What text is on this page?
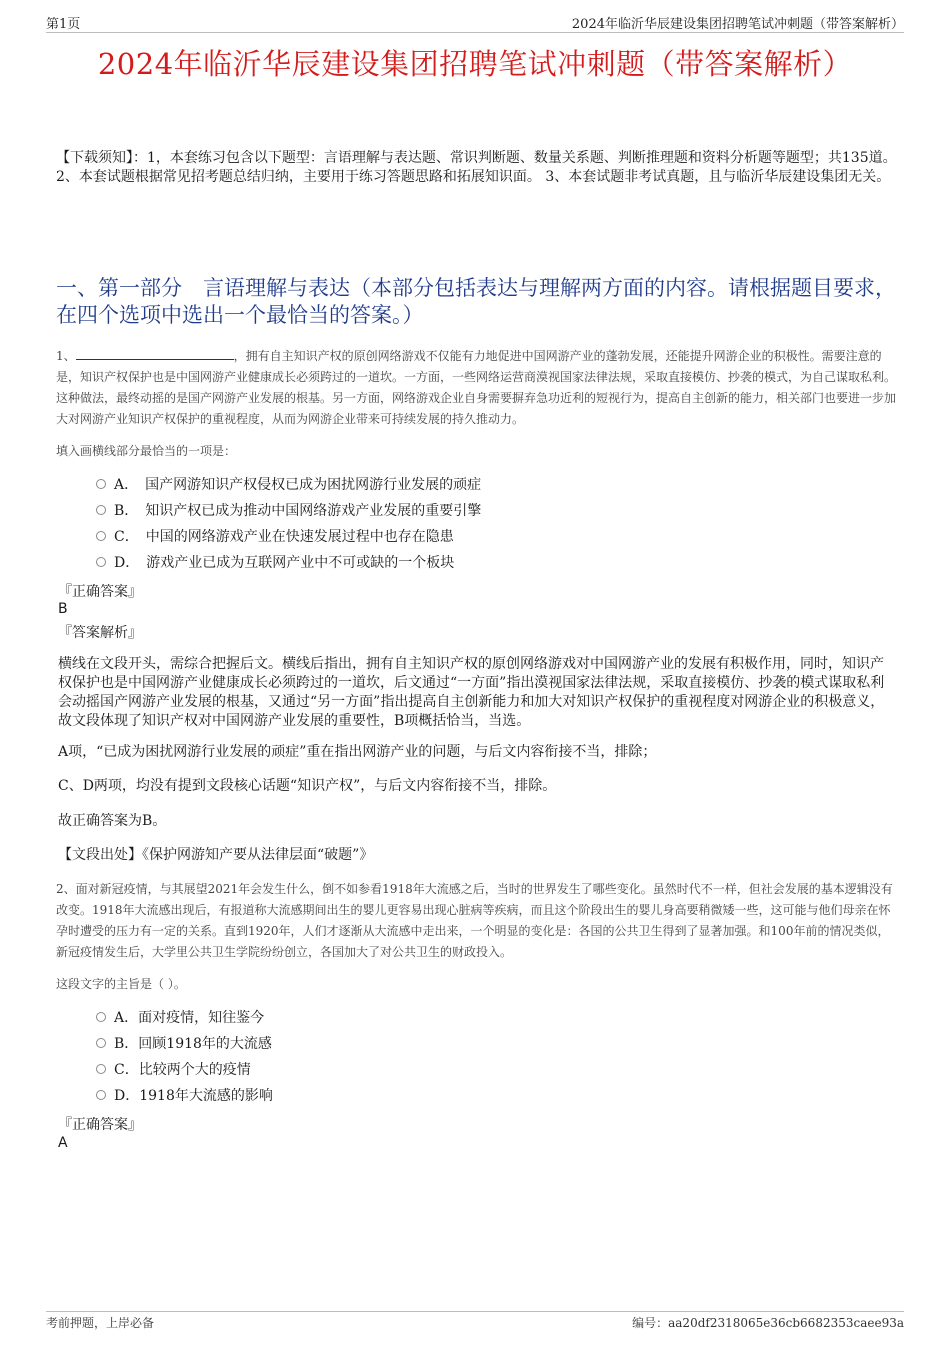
第1页	2024年临沂华辰建设集团招聘笔试冲刺题（带答案解析）
2024年临沂华辰建设集团招聘笔试冲刺题（带答案解析）
【下载须知】：1，本套练习包含以下题型：言语理解与表达题、常识判断题、数量关系题、判断推理题和资料分析题等题型；共135道。 2、本套试题根据常见招考题总结归纳，主要用于练习答题思路和拓展知识面。 3、本套试题非考试真题，且与临沂华辰建设集团无关。
一、第一部分　言语理解与表达（本部分包括表达与理解两方面的内容。请根据题目要求，在四个选项中选出一个最恰当的答案。）
1、	，拥有自主知识产权的原创网络游戏不仅能有力地促进中国网游产业的蓬勃发展，还能提升网游企业的积极性。需要注意的是，知识产权保护也是中国网游产业健康成长必须跨过的一道坎。一方面，一些网络运营商漠视国家法律法规，采取直接模仿、抄袭的模式，为自己谋取私利。这种做法，最终动摇的是国产网游产业发展的根基。另一方面，网络游戏企业自身需要摒弃急功近利的短视行为，提高自主创新的能力，相关部门也要进一步加大对网游产业知识产权保护的重视程度，从而为网游企业带来可持续发展的持久推动力。
填入画横线部分最恰当的一项是：
A．　国产网游知识产权侵权已成为困扰网游行业发展的顽症
B．　知识产权已成为推动中国网络游戏产业发展的重要引擎
C．　中国的网络游戏产业在快速发展过程中也存在隐患
D．　游戏产业已成为互联网产业中不可或缺的一个板块
『正确答案』
B
『答案解析』
横线在文段开头，需综合把握后文。横线后指出，拥有自主知识产权的原创网络游戏对中国网游产业的发展有积极作用，同时，知识产权保护也是中国网游产业健康成长必须跨过的一道坎，后文通过“一方面”指出漠视国家法律法规，采取直接模仿、抄袭的模式谋取私利会动摇国产网游产业发展的根基，又通过“另一方面”指出提高自主创新能力和加大对知识产权保护的重视程度对网游企业的积极意义，故文段体现了知识产权对中国网游产业发展的重要性，B项概括恰当，当选。
A项，“已成为困扰网游行业发展的顽症”重在指出网游产业的问题，与后文内容衔接不当，排除；
C、D两项，均没有提到文段核心话题“知识产权”，与后文内容衔接不当，排除。
故正确答案为B。
【文段出处】《保护网游知产要从法律层面“破题”》
2、面对新冠疫情，与其展望2021年会发生什么，倒不如参看1918年大流感之后，当时的世界发生了哪些变化。虽然时代不一样，但社会发展的基本逻辑没有改变。1918年大流感出现后，有报道称大流感期间出生的婴儿更容易出现心脏病等疾病，而且这个阶段出生的婴儿身高要稍微矮一些，这可能与他们母亲在怀孕时遭受的压力有一定的关系。直到1920年，人们才逐渐从大流感中走出来，一个明显的变化是：各国的公共卫生得到了显著加强。和100年前的情况类似，新冠疫情发生后，大学里公共卫生学院纷纷创立，各国加大了对公共卫生的财政投入。
这段文字的主旨是（ ）。
A．面对疫情，知往鉴今
B．回顾1918年的大流感
C．比较两个大的疫情
D．1918年大流感的影响
『正确答案』
A
考前押题，上岸必备	编号：aa20df2318065e36cb6682353caee93a
